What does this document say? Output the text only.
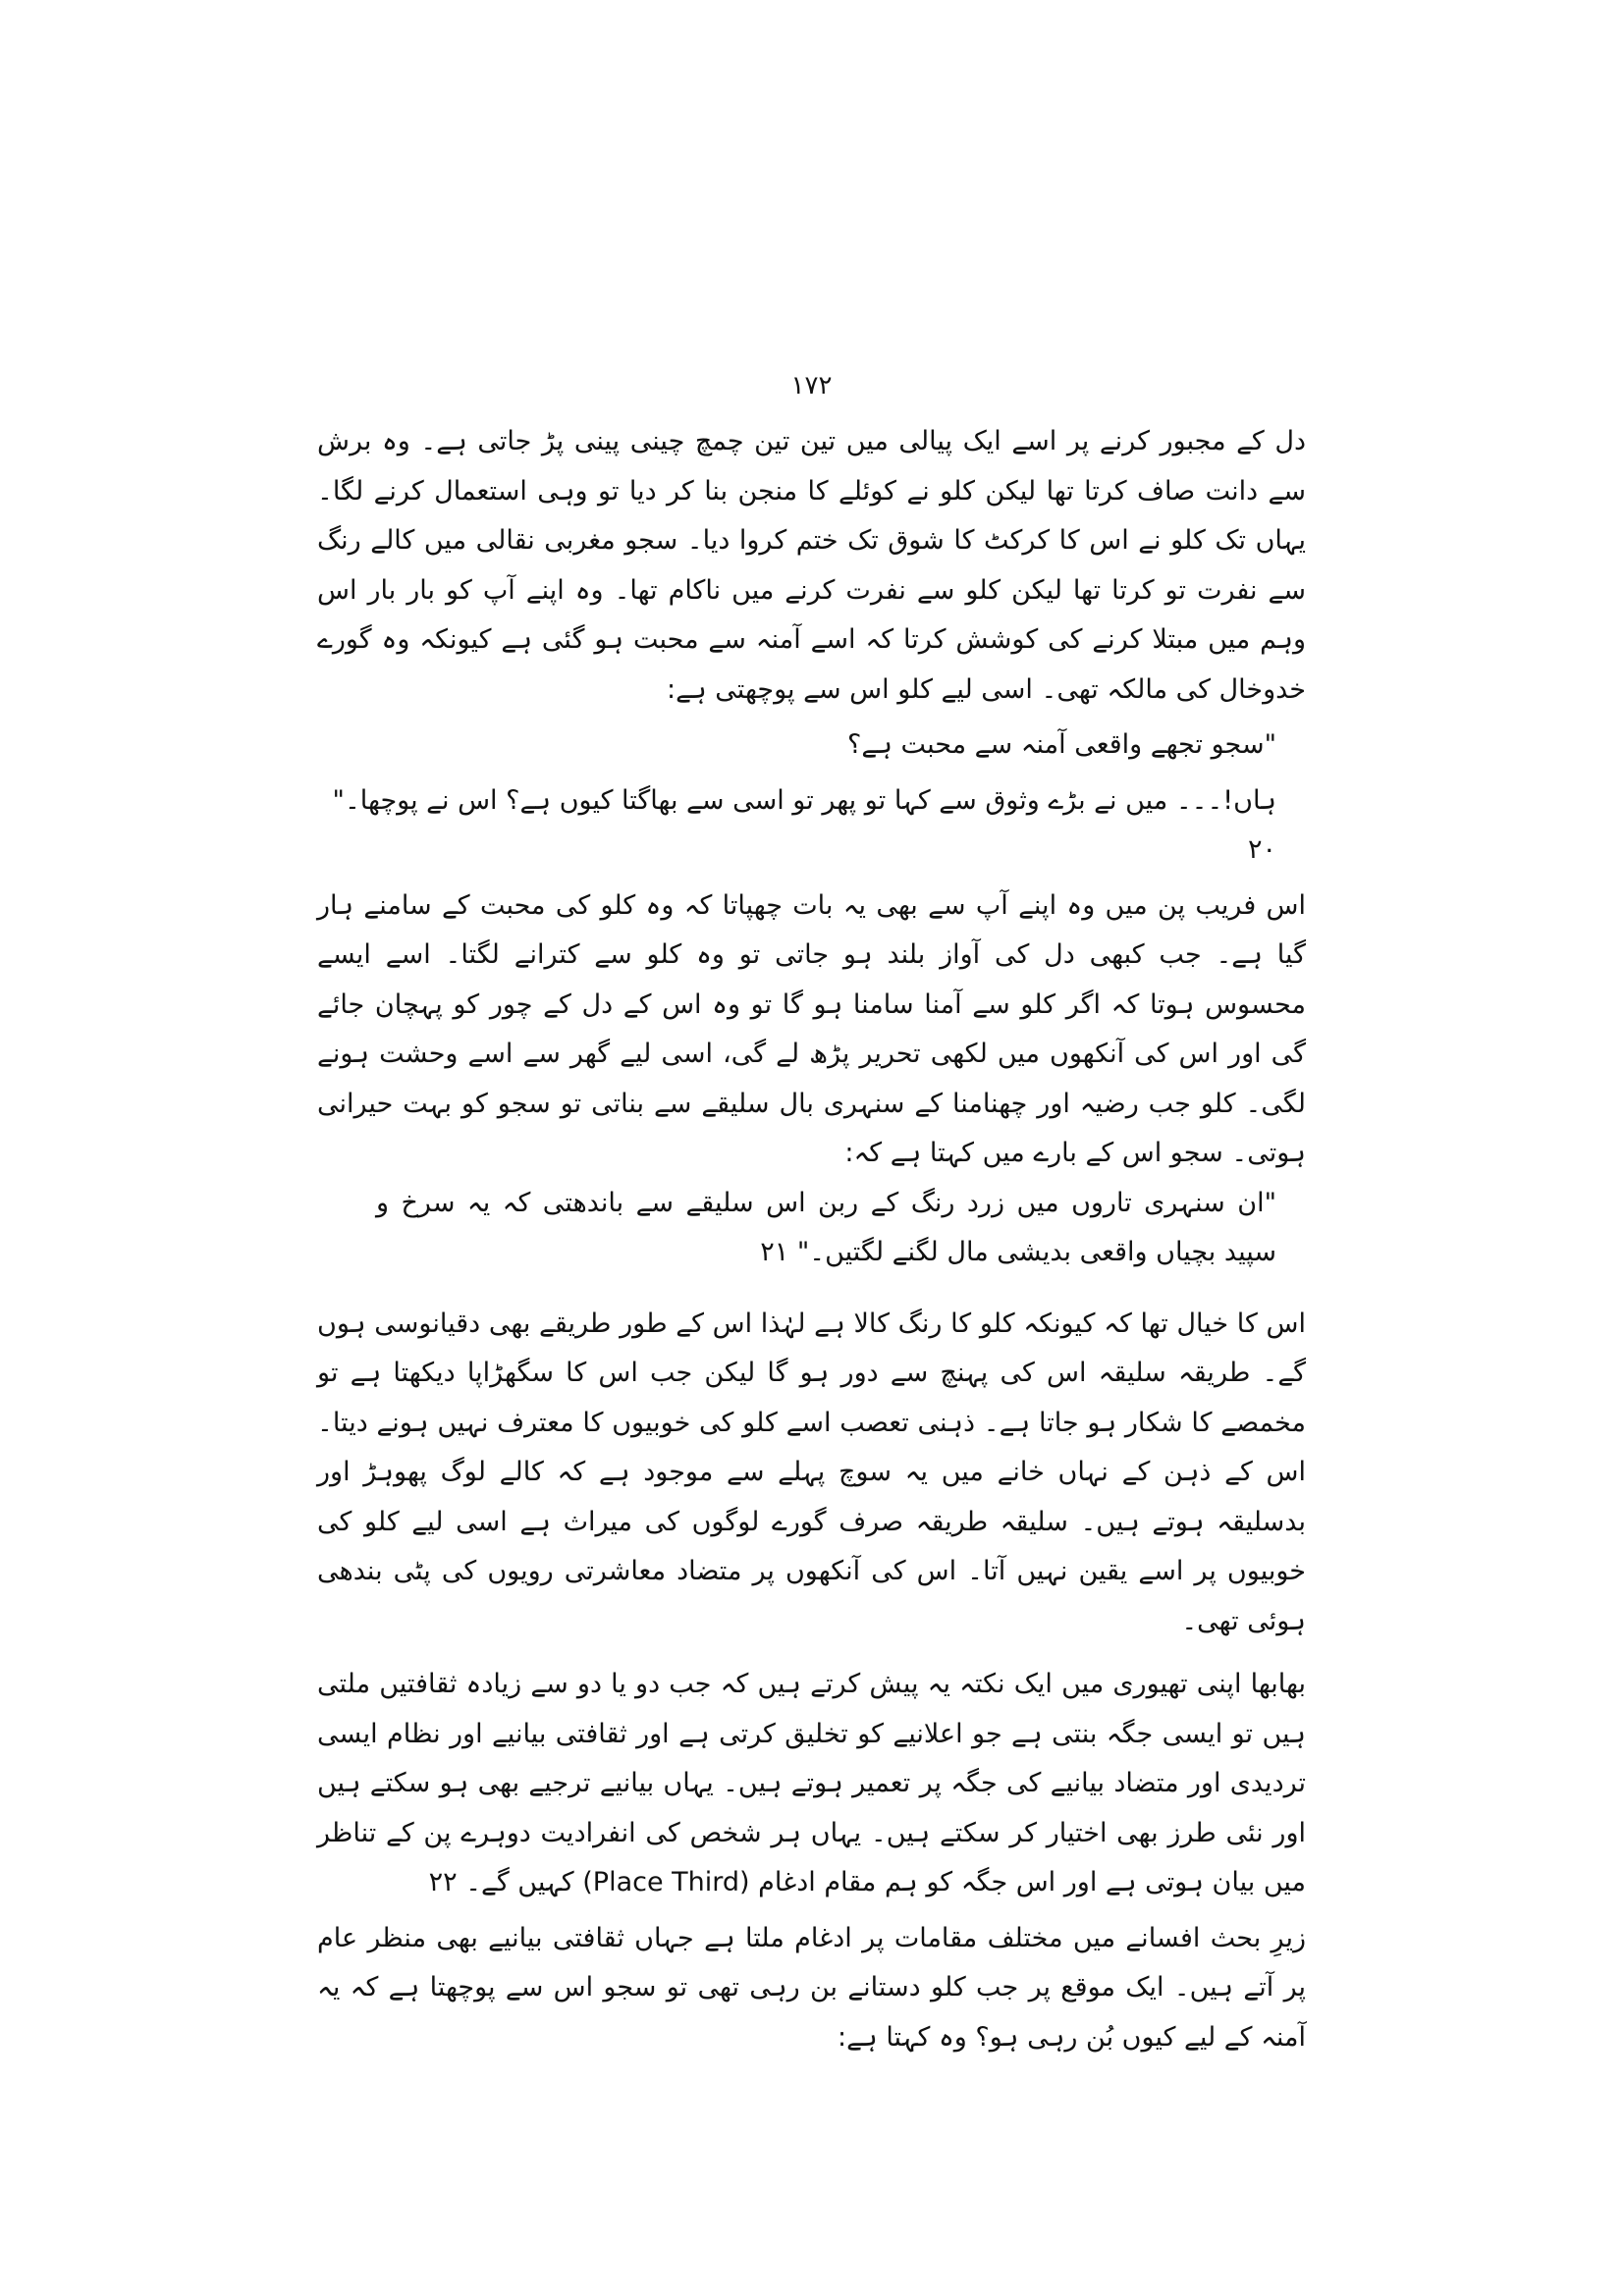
۱۷۲

دل کے مجبور کرنے پر اسے ایک پیالی میں تین تین چمچ چینی پینی پڑ جاتی ہے۔ وہ برش سے دانت صاف کرتا تھا لیکن کلو نے کوئلے کا منجن بنا کر دیا تو وہی استعمال کرنے لگا۔ یہاں تک کلو نے اس کا کرکٹ کا شوق تک ختم کروا دیا۔ سجو مغربی نقالی میں کالے رنگ سے نفرت تو کرتا تھا لیکن کلو سے نفرت کرنے میں ناکام تھا۔ وہ اپنے آپ کو بار بار اس وہم میں مبتلا کرنے کی کوشش کرتا کہ اسے آمنہ سے محبت ہو گئی ہے کیونکہ وہ گورے خدوخال کی مالکہ تھی۔ اسی لیے کلو اس سے پوچھتی ہے:

"سجو تجھے واقعی آمنہ سے محبت ہے؟

ہاں!۔۔۔ میں نے بڑے وثوق سے کہا تو پھر تو اسی سے بھاگتا کیوں ہے؟ اس نے پوچھا۔" ۲۰

اس فریب پن میں وہ اپنے آپ سے بھی یہ بات چھپاتا کہ وہ کلو کی محبت کے سامنے ہار گیا ہے۔ جب کبھی دل کی آواز بلند ہو جاتی تو وہ کلو سے کترانے لگتا۔ اسے ایسے محسوس ہوتا کہ اگر کلو سے آمنا سامنا ہو گا تو وہ اس کے دل کے چور کو پہچان جائے گی اور اس کی آنکھوں میں لکھی تحریر پڑھ لے گی، اسی لیے گھر سے اسے وحشت ہونے لگی۔ کلو جب رضیہ اور چھنامنا کے سنہری بال سلیقے سے بناتی تو سجو کو بہت حیرانی ہوتی۔ سجو اس کے بارے میں کہتا ہے کہ:

"ان سنہری تاروں میں زرد رنگ کے ربن اس سلیقے سے باندھتی کہ یہ سرخ و سپید بچیاں واقعی بدیشی مال لگنے لگتیں۔" ۲۱

اس کا خیال تھا کہ کیونکہ کلو کا رنگ کالا ہے لہٰذا اس کے طور طریقے بھی دقیانوسی ہوں گے۔ طریقہ سلیقہ اس کی پہنچ سے دور ہو گا لیکن جب اس کا سگھڑاپا دیکھتا ہے تو مخمصے کا شکار ہو جاتا ہے۔ ذہنی تعصب اسے کلو کی خوبیوں کا معترف نہیں ہونے دیتا۔ اس کے ذہن کے نہاں خانے میں یہ سوچ پہلے سے موجود ہے کہ کالے لوگ پھوہڑ اور بدسلیقہ ہوتے ہیں۔ سلیقہ طریقہ صرف گورے لوگوں کی میراث ہے اسی لیے کلو کی خوبیوں پر اسے یقین نہیں آتا۔ اس کی آنکھوں پر متضاد معاشرتی رویوں کی پٹی بندھی ہوئی تھی۔

بھابھا اپنی تھیوری میں ایک نکتہ یہ پیش کرتے ہیں کہ جب دو یا دو سے زیادہ ثقافتیں ملتی ہیں تو ایسی جگہ بنتی ہے جو اعلانیے کو تخلیق کرتی ہے اور ثقافتی بیانیے اور نظام ایسی تردیدی اور متضاد بیانیے کی جگہ پر تعمیر ہوتے ہیں۔ یہاں بیانیے ترجیے بھی ہو سکتے ہیں اور نئی طرز بھی اختیار کر سکتے ہیں۔ یہاں ہر شخص کی انفرادیت دوہرے پن کے تناظر میں بیان ہوتی ہے اور اس جگہ کو ہم مقام ادغام (Place Third) کہیں گے۔ ۲۲

زیرِ بحث افسانے میں مختلف مقامات پر ادغام ملتا ہے جہاں ثقافتی بیانیے بھی منظر عام پر آتے ہیں۔ ایک موقع پر جب کلو دستانے بن رہی تھی تو سجو اس سے پوچھتا ہے کہ یہ آمنہ کے لیے کیوں بُن رہی ہو؟ وہ کہتا ہے:
